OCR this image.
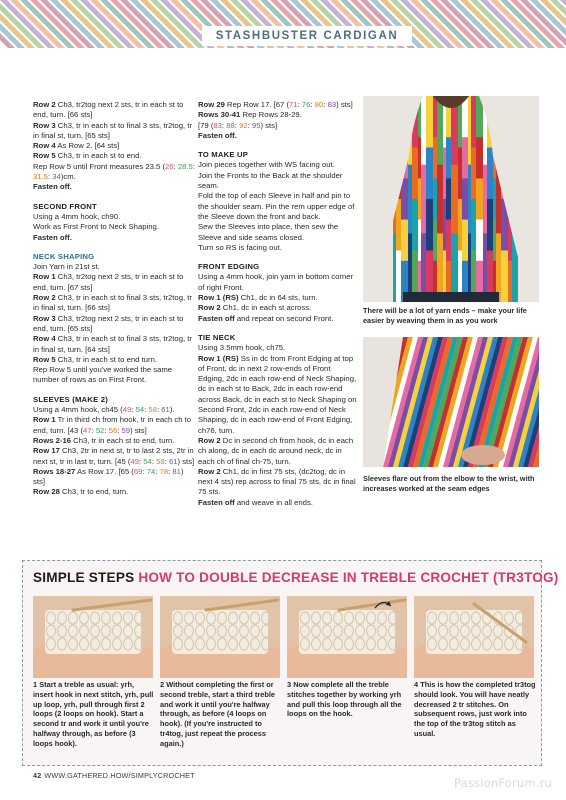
STASHBUSTER CARDIGAN

Row 2 Ch3, tr2tog next 2 sts, tr in each st to end, turn. [66 sts]

Row 3 Ch3, tr in each st to final 3 sts, tr2tog, tr in final st, turn. [65 sts]

Row 4 As Row 2. [64 sts]

Row 5 Ch3, tr in each st to end.

Rep Row 5 until Front measures 23.5 (26: 28.5: 31.5: 34)cm.

Fasten off.

SECOND FRONT

Using a 4mm hook, ch90.

Work as First Front to Neck Shaping.

Fasten off.

NECK SHAPING

Join Yarn in 21st st.

Row 1 Ch3, tr2tog next 2 sts, tr in each st to end, turn. [67 sts]

Row 2 Ch3, tr in each st to final 3 sts, tr2tog, tr in final st, turn. [66 sts]

Row 3 Ch3, tr2tog next 2 sts, tr in each st to end, turn. [65 sts]

Row 4 Ch3, tr in each st to final 3 sts, tr2tog, tr in final st, turn. [64 sts]

Row 5 Ch3, tr in each st to end turn.

Rep Row 5 until you've worked the same number of rows as on First Front.

SLEEVES (MAKE 2)

Using a 4mm hook, ch45 (49: 54: 58: 61).

Row 1 Tr in third ch from hook, tr in each ch to end, turn. [43 (47: 52: 56: 59) sts]

Rows 2-16 Ch3, tr in each st to end, turn.

Row 17 Ch3, 2tr in next st, tr to last 2 sts, 2tr in next st, tr in last tr, turn. [45 (49: 54: 58: 61) sts]

Rows 18-27 As Row 17. [65 (69: 74: 78: 81) sts]

Row 28 Ch3, tr to end, turn.

Row 29 Rep Row 17. [67 (71: 76: 80: 83) sts]

Rows 30-41 Rep Rows 28-29.

[79 (83: 88: 92: 95) sts]

Fasten off.

TO MAKE UP

Join pieces together with WS facing out.

Join the Fronts to the Back at the shoulder seam.

Fold the top of each Sleeve in half and pin to the shoulder seam. Pin the rem upper edge of the Sleeve down the front and back.

Sew the Sleeves into place, then sew the Sleeve and side seams closed.

Turn so RS is facing out.

FRONT EDGING

Using a 4mm hook, join yarn in bottom corner of right Front.

Row 1 (RS) Ch1, dc in 64 sts, turn.

Row 2 Ch1, dc in each st across.

Fasten off and repeat on second Front.

TIE NECK

Using 3.5mm hook, ch75.

Row 1 (RS) Ss in dc from Front Edging at top of Front, dc in next 2 row-ends of Front Edging, 2dc in each row-end of Neck Shaping, dc in each st to Back, 2dc in each row-end across Back, dc in each st to Neck Shaping on Second Front, 2dc in each row-end of Neck Shaping, dc in each row-end of Front Edging, ch76, turn.

Row 2 Dc in second ch from hook, dc in each ch along, dc in each dc around neck, dc in each ch of final ch-75, turn.

Row 2 Ch1, dc in first 75 sts, (dc2tog, dc in next 4 sts) rep across to final 75 sts, dc in final 75 sts.

Fasten off and weave in all ends.

There will be a lot of yarn ends – make your life easier by weaving them in as you work
Sleeves flare out from the elbow to the wrist, with increases worked at the seam edges
SIMPLE STEPS HOW TO DOUBLE DECREASE IN TREBLE CROCHET (TR3TOG)
1 Start a treble as usual: yrh, insert hook in next stitch, yrh, pull up loop, yrh, pull through first 2 loops (2 loops on hook). Start a second tr and work it until you're halfway through, as before (3 loops hook).
2 Without completing the first or second treble, start a third treble and work it until you're halfway through, as before (4 loops on hook). (If you're instructed to tr4tog, just repeat the process again.)
3 Now complete all the treble stitches together by working yrh and pull this loop through all the loops on the hook.
4 This is how the completed tr3tog should look. You will have neatly decreased 2 tr stitches. On subsequent rows, just work into the top of the tr3tog stitch as usual.
42 WWW.GATHERED.HOW/SIMPLYCROCHET
PassionForum.ru
